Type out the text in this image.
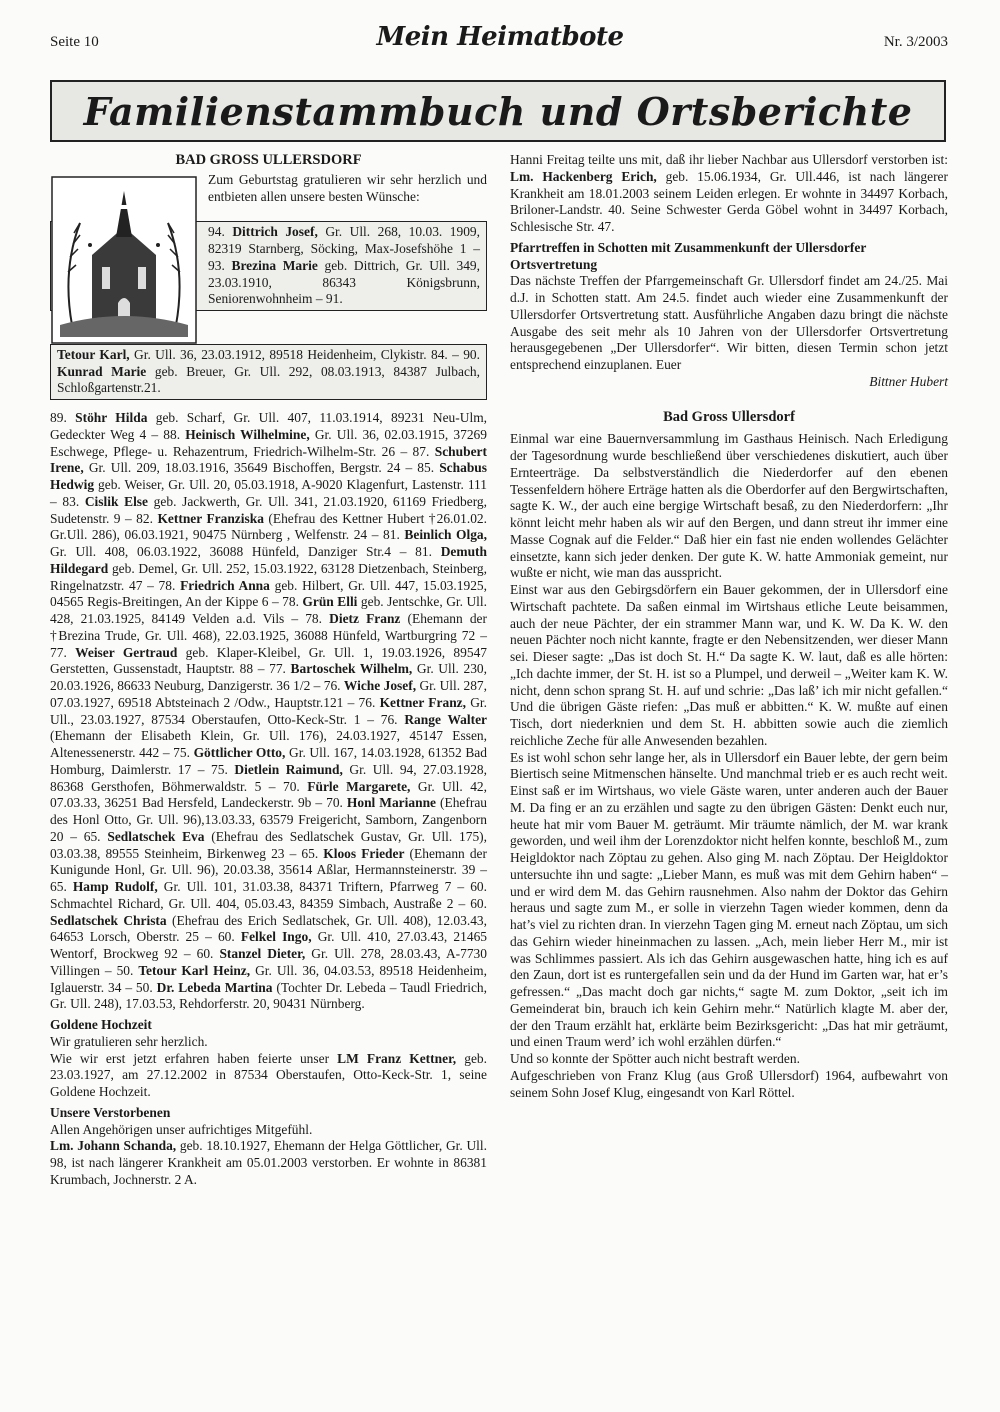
Seite 10	Mein Heimatbote	Nr. 3/2003
Familienstammbuch und Ortsberichte

BAD GROSS ULLERSDORF

Zum Geburtstag gratulieren wir sehr herzlich und entbieten allen unsere besten Wünsche:

94. Dittrich Josef, Gr. Ull. 268, 10.03. 1909, 82319 Starnberg, Söcking, Max-Josefshöhe 1 – 93. Brezina Marie geb. Dittrich, Gr. Ull. 349, 23.03.1910, 86343 Königsbrunn, Seniorenwohnheim – 91.

Tetour Karl, Gr. Ull. 36, 23.03.1912, 89518 Heidenheim, Clykistr. 84. – 90. Kunrad Marie geb. Breuer, Gr. Ull. 292, 08.03.1913, 84387 Julbach, Schloßgartenstr.21.

89. Stöhr Hilda geb. Scharf, Gr. Ull. 407, 11.03.1914, 89231 Neu-Ulm, Gedeckter Weg 4 – 88. Heinisch Wilhelmine, Gr. Ull. 36, 02.03.1915, 37269 Eschwege, Pflege- u. Rehazentrum, Friedrich-Wilhelm-Str. 26 – 87. Schubert Irene, Gr. Ull. 209, 18.03.1916, 35649 Bischoffen, Bergstr. 24 – 85. Schabus Hedwig geb. Weiser, Gr. Ull. 20, 05.03.1918, A-9020 Klagenfurt, Lastenstr. 111 – 83. Cislik Else geb. Jackwerth, Gr. Ull. 341, 21.03.1920, 61169 Friedberg, Sudetenstr. 9 – 82. Kettner Franziska (Ehefrau des Kettner Hubert †26.01.02. Gr.Ull. 286), 06.03.1921, 90475 Nürnberg , Welfenstr. 24 – 81. Beinlich Olga, Gr. Ull. 408, 06.03.1922, 36088 Hünfeld, Danziger Str.4 – 81. Demuth Hildegard geb. Demel, Gr. Ull. 252, 15.03.1922, 63128 Dietzenbach, Steinberg, Ringelnatzstr. 47 – 78. Friedrich Anna geb. Hilbert, Gr. Ull. 447, 15.03.1925, 04565 Regis-Breitingen, An der Kippe 6 – 78. Grün Elli geb. Jentschke, Gr. Ull. 428, 21.03.1925, 84149 Velden a.d. Vils – 78. Dietz Franz (Ehemann der †Brezina Trude, Gr. Ull. 468), 22.03.1925, 36088 Hünfeld, Wartburgring 72 – 77. Weiser Gertraud geb. Klaper-Kleibel, Gr. Ull. 1, 19.03.1926, 89547 Gerstetten, Gussenstadt, Hauptstr. 88 – 77. Bartoschek Wilhelm, Gr. Ull. 230, 20.03.1926, 86633 Neuburg, Danzigerstr. 36 1/2 – 76. Wiche Josef, Gr. Ull. 287, 07.03.1927, 69518 Abtsteinach 2 /Odw., Hauptstr.121 – 76. Kettner Franz, Gr. Ull., 23.03.1927, 87534 Oberstaufen, Otto-Keck-Str. 1 – 76. Range Walter (Ehemann der Elisabeth Klein, Gr. Ull. 176), 24.03.1927, 45147 Essen, Altenessenerstr. 442 – 75. Göttlicher Otto, Gr. Ull. 167, 14.03.1928, 61352 Bad Homburg, Daimlerstr. 17 – 75. Dietlein Raimund, Gr. Ull. 94, 27.03.1928, 86368 Gersthofen, Böhmerwaldstr. 5 – 70. Fürle Margarete, Gr. Ull. 42, 07.03.33, 36251 Bad Hersfeld, Landeckerstr. 9b – 70. Honl Marianne (Ehefrau des Honl Otto, Gr. Ull. 96),13.03.33, 63579 Freigericht, Samborn, Zangenborn 20 – 65. Sedlatschek Eva (Ehefrau des Sedlatschek Gustav, Gr. Ull. 175), 03.03.38, 89555 Steinheim, Birkenweg 23 – 65. Kloos Frieder (Ehemann der Kunigunde Honl, Gr. Ull. 96), 20.03.38, 35614 Aßlar, Hermannsteinerstr. 39 – 65. Hamp Rudolf, Gr. Ull. 101, 31.03.38, 84371 Triftern, Pfarrweg 7 – 60. Schmachtel Richard, Gr. Ull. 404, 05.03.43, 84359 Simbach, Austraße 2 – 60. Sedlatschek Christa (Ehefrau des Erich Sedlatschek, Gr. Ull. 408), 12.03.43, 64653 Lorsch, Oberstr. 25 – 60. Felkel Ingo, Gr. Ull. 410, 27.03.43, 21465 Wentorf, Brockweg 92 – 60. Stanzel Dieter, Gr. Ull. 278, 28.03.43, A-7730 Villingen – 50. Tetour Karl Heinz, Gr. Ull. 36, 04.03.53, 89518 Heidenheim, Iglauerstr. 34 – 50. Dr. Lebeda Martina (Tochter Dr. Lebeda – Taudl Friedrich, Gr. Ull. 248), 17.03.53, Rehdorferstr. 20, 90431 Nürnberg.

Goldene Hochzeit

Wir gratulieren sehr herzlich.

Wie wir erst jetzt erfahren haben feierte unser LM Franz Kettner, geb. 23.03.1927, am 27.12.2002 in 87534 Oberstaufen, Otto-Keck-Str. 1, seine Goldene Hochzeit.

Unsere Verstorbenen

Allen Angehörigen unser aufrichtiges Mitgefühl.

Lm. Johann Schanda, geb. 18.10.1927, Ehemann der Helga Göttlicher, Gr. Ull. 98, ist nach längerer Krankheit am 05.01.2003 verstorben. Er wohnte in 86381 Krumbach, Jochnerstr. 2 A.

Hanni Freitag teilte uns mit, daß ihr lieber Nachbar aus Ullersdorf verstorben ist: Lm. Hackenberg Erich, geb. 15.06.1934, Gr. Ull.446, ist nach längerer Krankheit am 18.01.2003 seinem Leiden erlegen. Er wohnte in 34497 Korbach, Briloner-Landstr. 40. Seine Schwester Gerda Göbel wohnt in 34497 Korbach, Schlesische Str. 47.

Pfarrtreffen in Schotten mit Zusammenkunft der Ullersdorfer Ortsvertretung

Das nächste Treffen der Pfarrgemeinschaft Gr. Ullersdorf findet am 24./25. Mai d.J. in Schotten statt. Am 24.5. findet auch wieder eine Zusammenkunft der Ullersdorfer Ortsvertretung statt. Ausführliche Angaben dazu bringt die nächste Ausgabe des seit mehr als 10 Jahren von der Ullersdorfer Ortsvertretung herausgegebenen „Der Ullersdorfer“. Wir bitten, diesen Termin schon jetzt entsprechend einzuplanen. Euer

Bittner Hubert

Bad Gross Ullersdorf

Einmal war eine Bauernversammlung im Gasthaus Heinisch. Nach Erledigung der Tagesordnung wurde beschließend über verschiedenes diskutiert, auch über Ernteerträge. Da selbstverständlich die Niederdorfer auf den ebenen Tessenfeldern höhere Erträge hatten als die Oberdorfer auf den Bergwirtschaften, sagte K. W., der auch eine bergige Wirtschaft besaß, zu den Niederdorfern: „Ihr könnt leicht mehr haben als wir auf den Bergen, und dann streut ihr immer eine Masse Cognak auf die Felder.“ Daß hier ein fast nie enden wollendes Gelächter einsetzte, kann sich jeder denken. Der gute K. W. hatte Ammoniak gemeint, nur wußte er nicht, wie man das ausspricht.

Einst war aus den Gebirgsdörfern ein Bauer gekommen, der in Ullersdorf eine Wirtschaft pachtete. Da saßen einmal im Wirtshaus etliche Leute beisammen, auch der neue Pächter, der ein strammer Mann war, und K. W. Da K. W. den neuen Pächter noch nicht kannte, fragte er den Nebensitzenden, wer dieser Mann sei. Dieser sagte: „Das ist doch St. H.“ Da sagte K. W. laut, daß es alle hörten: „Ich dachte immer, der St. H. ist so a Plumpel, und derweil – „Weiter kam K. W. nicht, denn schon sprang St. H. auf und schrie: „Das laß’ ich mir nicht gefallen.“ Und die übrigen Gäste riefen: „Das muß er abbitten.“ K. W. mußte auf einen Tisch, dort niederknien und dem St. H. abbitten sowie auch die ziemlich reichliche Zeche für alle Anwesenden bezahlen.

Es ist wohl schon sehr lange her, als in Ullersdorf ein Bauer lebte, der gern beim Biertisch seine Mitmenschen hänselte. Und manchmal trieb er es auch recht weit.

Einst saß er im Wirtshaus, wo viele Gäste waren, unter anderen auch der Bauer M. Da fing er an zu erzählen und sagte zu den übrigen Gästen: Denkt euch nur, heute hat mir vom Bauer M. geträumt. Mir träumte nämlich, der M. war krank geworden, und weil ihm der Lorenzdoktor nicht helfen konnte, beschloß M., zum Heigldoktor nach Zöptau zu gehen. Also ging M. nach Zöptau. Der Heigldoktor untersuchte ihn und sagte: „Lieber Mann, es muß was mit dem Gehirn haben“ – und er wird dem M. das Gehirn rausnehmen. Also nahm der Doktor das Gehirn heraus und sagte zum M., er solle in vierzehn Tagen wieder kommen, denn da hat’s viel zu richten dran. In vierzehn Tagen ging M. erneut nach Zöptau, um sich das Gehirn wieder hineinmachen zu lassen. „Ach, mein lieber Herr M., mir ist was Schlimmes passiert. Als ich das Gehirn ausgewaschen hatte, hing ich es auf den Zaun, dort ist es runtergefallen sein und da der Hund im Garten war, hat er’s gefressen.“ „Das macht doch gar nichts,“ sagte M. zum Doktor, „seit ich im Gemeinderat bin, brauch ich kein Gehirn mehr.“ Natürlich klagte M. aber der, der den Traum erzählt hat, erklärte beim Bezirksgericht: „Das hat mir geträumt, und einen Traum werd’ ich wohl erzählen dürfen.“

Und so konnte der Spötter auch nicht bestraft werden.

Aufgeschrieben von Franz Klug (aus Groß Ullersdorf) 1964, aufbewahrt von seinem Sohn Josef Klug, eingesandt von Karl Röttel.
